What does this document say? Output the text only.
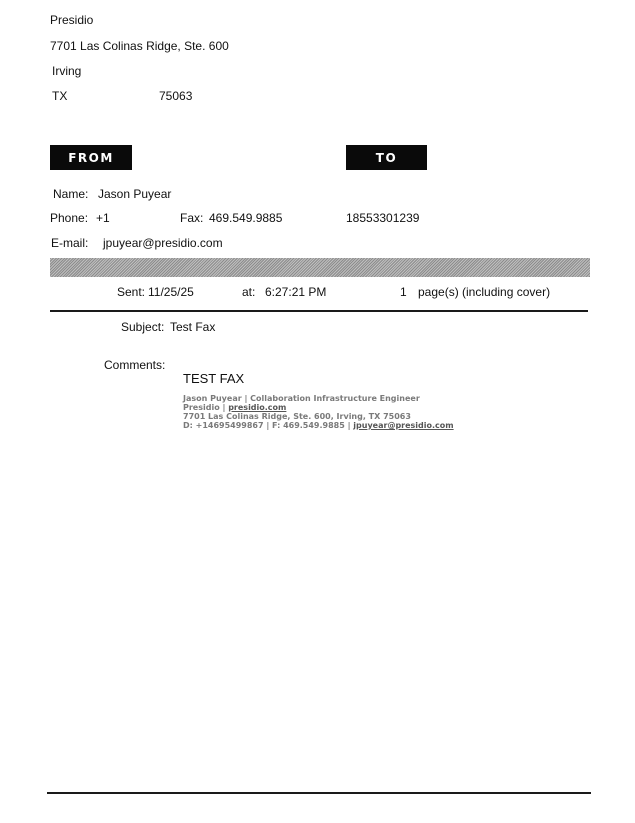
Presidio
7701 Las Colinas Ridge, Ste. 600
Irving
TX	75063
FROM	TO
Name: Jason Puyear
Phone: +1	Fax: 469.549.9885	18553301239
E-mail: jpuyear@presidio.com
Sent: 11/25/25	at: 6:27:21 PM	1 page(s) (including cover)
Subject: Test Fax
Comments:
TEST FAX
Jason Puyear | Collaboration Infrastructure Engineer
Presidio | presidio.com
7701 Las Colinas Ridge, Ste. 600, Irving, TX 75063
D: +14695499867 | F: 469.549.9885 | jpuyear@presidio.com
